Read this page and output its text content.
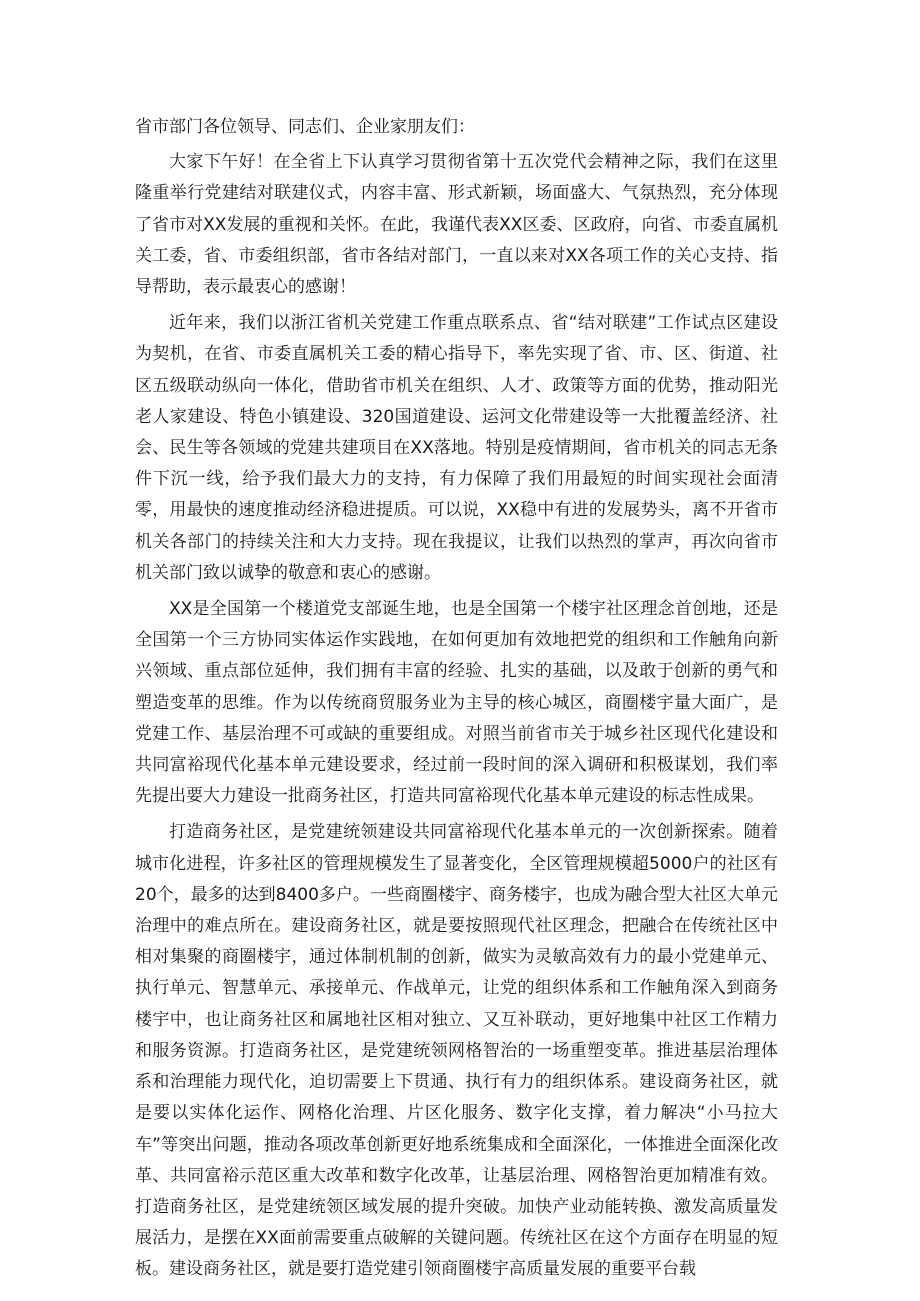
省市部门各位领导、同志们、企业家朋友们：

大家下午好！在全省上下认真学习贯彻省第十五次党代会精神之际，我们在这里隆重举行党建结对联建仪式，内容丰富、形式新颖，场面盛大、气氛热烈，充分体现了省市对XX发展的重视和关怀。在此，我谨代表XX区委、区政府，向省、市委直属机关工委，省、市委组织部，省市各结对部门，一直以来对XX各项工作的关心支持、指导帮助，表示最衷心的感谢！

近年来，我们以浙江省机关党建工作重点联系点、省“结对联建”工作试点区建设为契机，在省、市委直属机关工委的精心指导下，率先实现了省、市、区、街道、社区五级联动纵向一体化，借助省市机关在组织、人才、政策等方面的优势，推动阳光老人家建设、特色小镇建设、320国道建设、运河文化带建设等一大批覆盖经济、社会、民生等各领域的党建共建项目在XX落地。特别是疫情期间，省市机关的同志无条件下沉一线，给予我们最大力的支持，有力保障了我们用最短的时间实现社会面清零，用最快的速度推动经济稳进提质。可以说，XX稳中有进的发展势头，离不开省市机关各部门的持续关注和大力支持。现在我提议，让我们以热烈的掌声，再次向省市机关部门致以诚挚的敬意和衷心的感谢。

XX是全国第一个楼道党支部诞生地，也是全国第一个楼宇社区理念首创地，还是全国第一个三方协同实体运作实践地，在如何更加有效地把党的组织和工作触角向新兴领域、重点部位延伸，我们拥有丰富的经验、扎实的基础，以及敢于创新的勇气和塑造变革的思维。作为以传统商贸服务业为主导的核心城区，商圈楼宇量大面广，是党建工作、基层治理不可或缺的重要组成。对照当前省市关于城乡社区现代化建设和共同富裕现代化基本单元建设要求，经过前一段时间的深入调研和积极谋划，我们率先提出要大力建设一批商务社区，打造共同富裕现代化基本单元建设的标志性成果。

打造商务社区，是党建统领建设共同富裕现代化基本单元的一次创新探索。随着城市化进程，许多社区的管理规模发生了显著变化，全区管理规模超5000户的社区有20个，最多的达到8400多户。一些商圈楼宇、商务楼宇，也成为融合型大社区大单元治理中的难点所在。建设商务社区，就是要按照现代社区理念，把融合在传统社区中相对集聚的商圈楼宇，通过体制机制的创新，做实为灵敏高效有力的最小党建单元、执行单元、智慧单元、承接单元、作战单元，让党的组织体系和工作触角深入到商务楼宇中，也让商务社区和属地社区相对独立、又互补联动，更好地集中社区工作精力和服务资源。打造商务社区，是党建统领网格智治的一场重塑变革。推进基层治理体系和治理能力现代化，迫切需要上下贯通、执行有力的组织体系。建设商务社区，就是要以实体化运作、网格化治理、片区化服务、数字化支撑，着力解决“小马拉大车”等突出问题，推动各项改革创新更好地系统集成和全面深化，一体推进全面深化改革、共同富裕示范区重大改革和数字化改革，让基层治理、网格智治更加精准有效。打造商务社区，是党建统领区域发展的提升突破。加快产业动能转换、激发高质量发展活力，是摆在XX面前需要重点破解的关键问题。传统社区在这个方面存在明显的短板。建设商务社区，就是要打造党建引领商圈楼宇高质量发展的重要平台载
